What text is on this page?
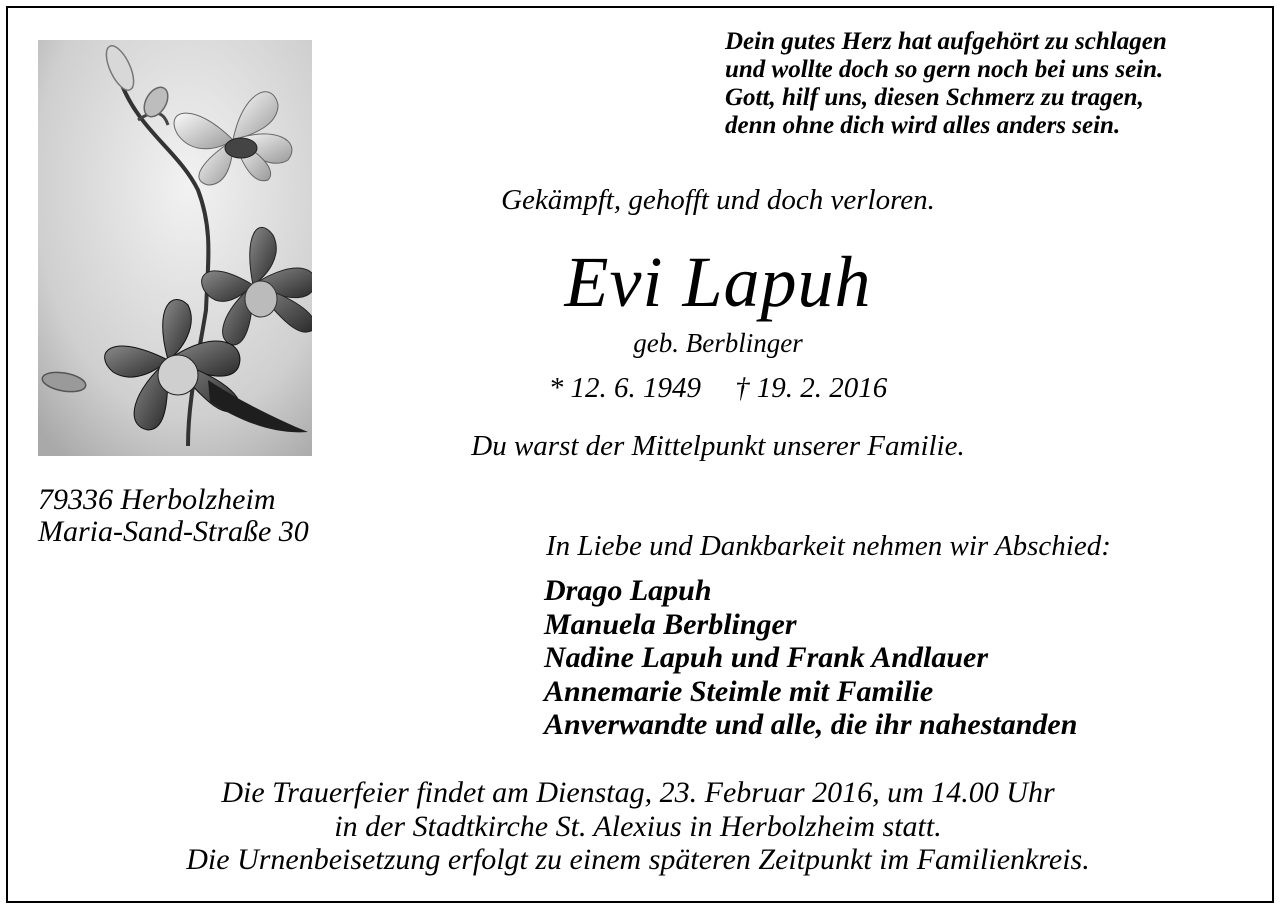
Dein gutes Herz hat aufgehört zu schlagen
und wollte doch so gern noch bei uns sein.
Gott, hilf uns, diesen Schmerz zu tragen,
denn ohne dich wird alles anders sein.
Gekämpft, gehofft und doch verloren.
Evi Lapuh
geb. Berblinger
* 12. 6. 1949 † 19. 2. 2016
Du warst der Mittelpunkt unserer Familie.
79336 Herbolzheim
Maria-Sand-Straße 30	In Liebe und Dankbarkeit nehmen wir Abschied:
Drago Lapuh
Manuela Berblinger
Nadine Lapuh und Frank Andlauer
Annemarie Steimle mit Familie
Anverwandte und alle, die ihr nahestanden
Die Trauerfeier findet am Dienstag, 23. Februar 2016, um 14.00 Uhr
in der Stadtkirche St. Alexius in Herbolzheim statt.
Die Urnenbeisetzung erfolgt zu einem späteren Zeitpunkt im Familienkreis.
